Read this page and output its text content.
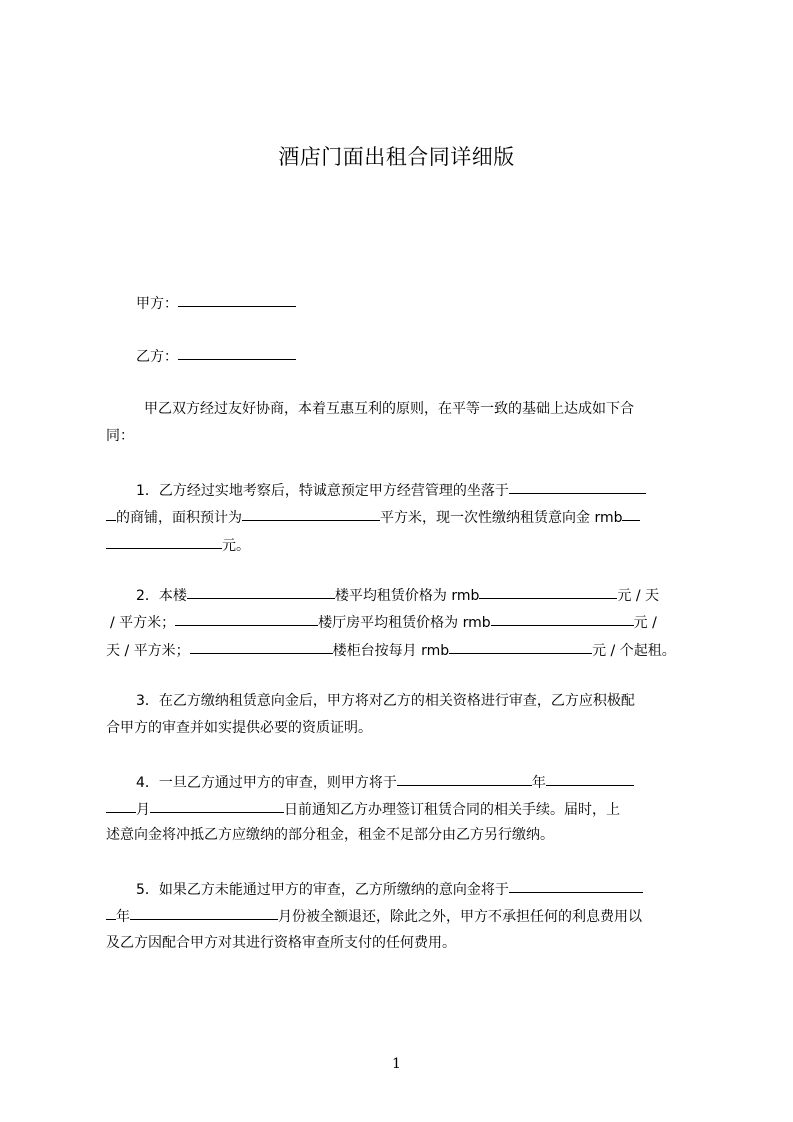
酒店门面出租合同详细版
甲方：
乙方：
甲乙双方经过友好协商，本着互惠互利的原则，在平等一致的基础上达成如下合
同：
1．乙方经过实地考察后，特诚意预定甲方经营管理的坐落于
的商铺，面积预计为	平方米，现一次性缴纳租赁意向金 rmb
元。
2．本楼	楼平均租赁价格为 rmb	元 / 天
/ 平方米；	楼厅房平均租赁价格为 rmb	元 /
天 / 平方米；	楼柜台按每月 rmb	元 / 个起租。
3．在乙方缴纳租赁意向金后，甲方将对乙方的相关资格进行审查，乙方应积极配
合甲方的审查并如实提供必要的资质证明。
4．一旦乙方通过甲方的审查，则甲方将于	年
月	日前通知乙方办理签订租赁合同的相关手续。届时，上
述意向金将冲抵乙方应缴纳的部分租金，租金不足部分由乙方另行缴纳。
5．如果乙方未能通过甲方的审查，乙方所缴纳的意向金将于
年	月份被全额退还，除此之外，甲方不承担任何的利息费用以
及乙方因配合甲方对其进行资格审查所支付的任何费用。
1
